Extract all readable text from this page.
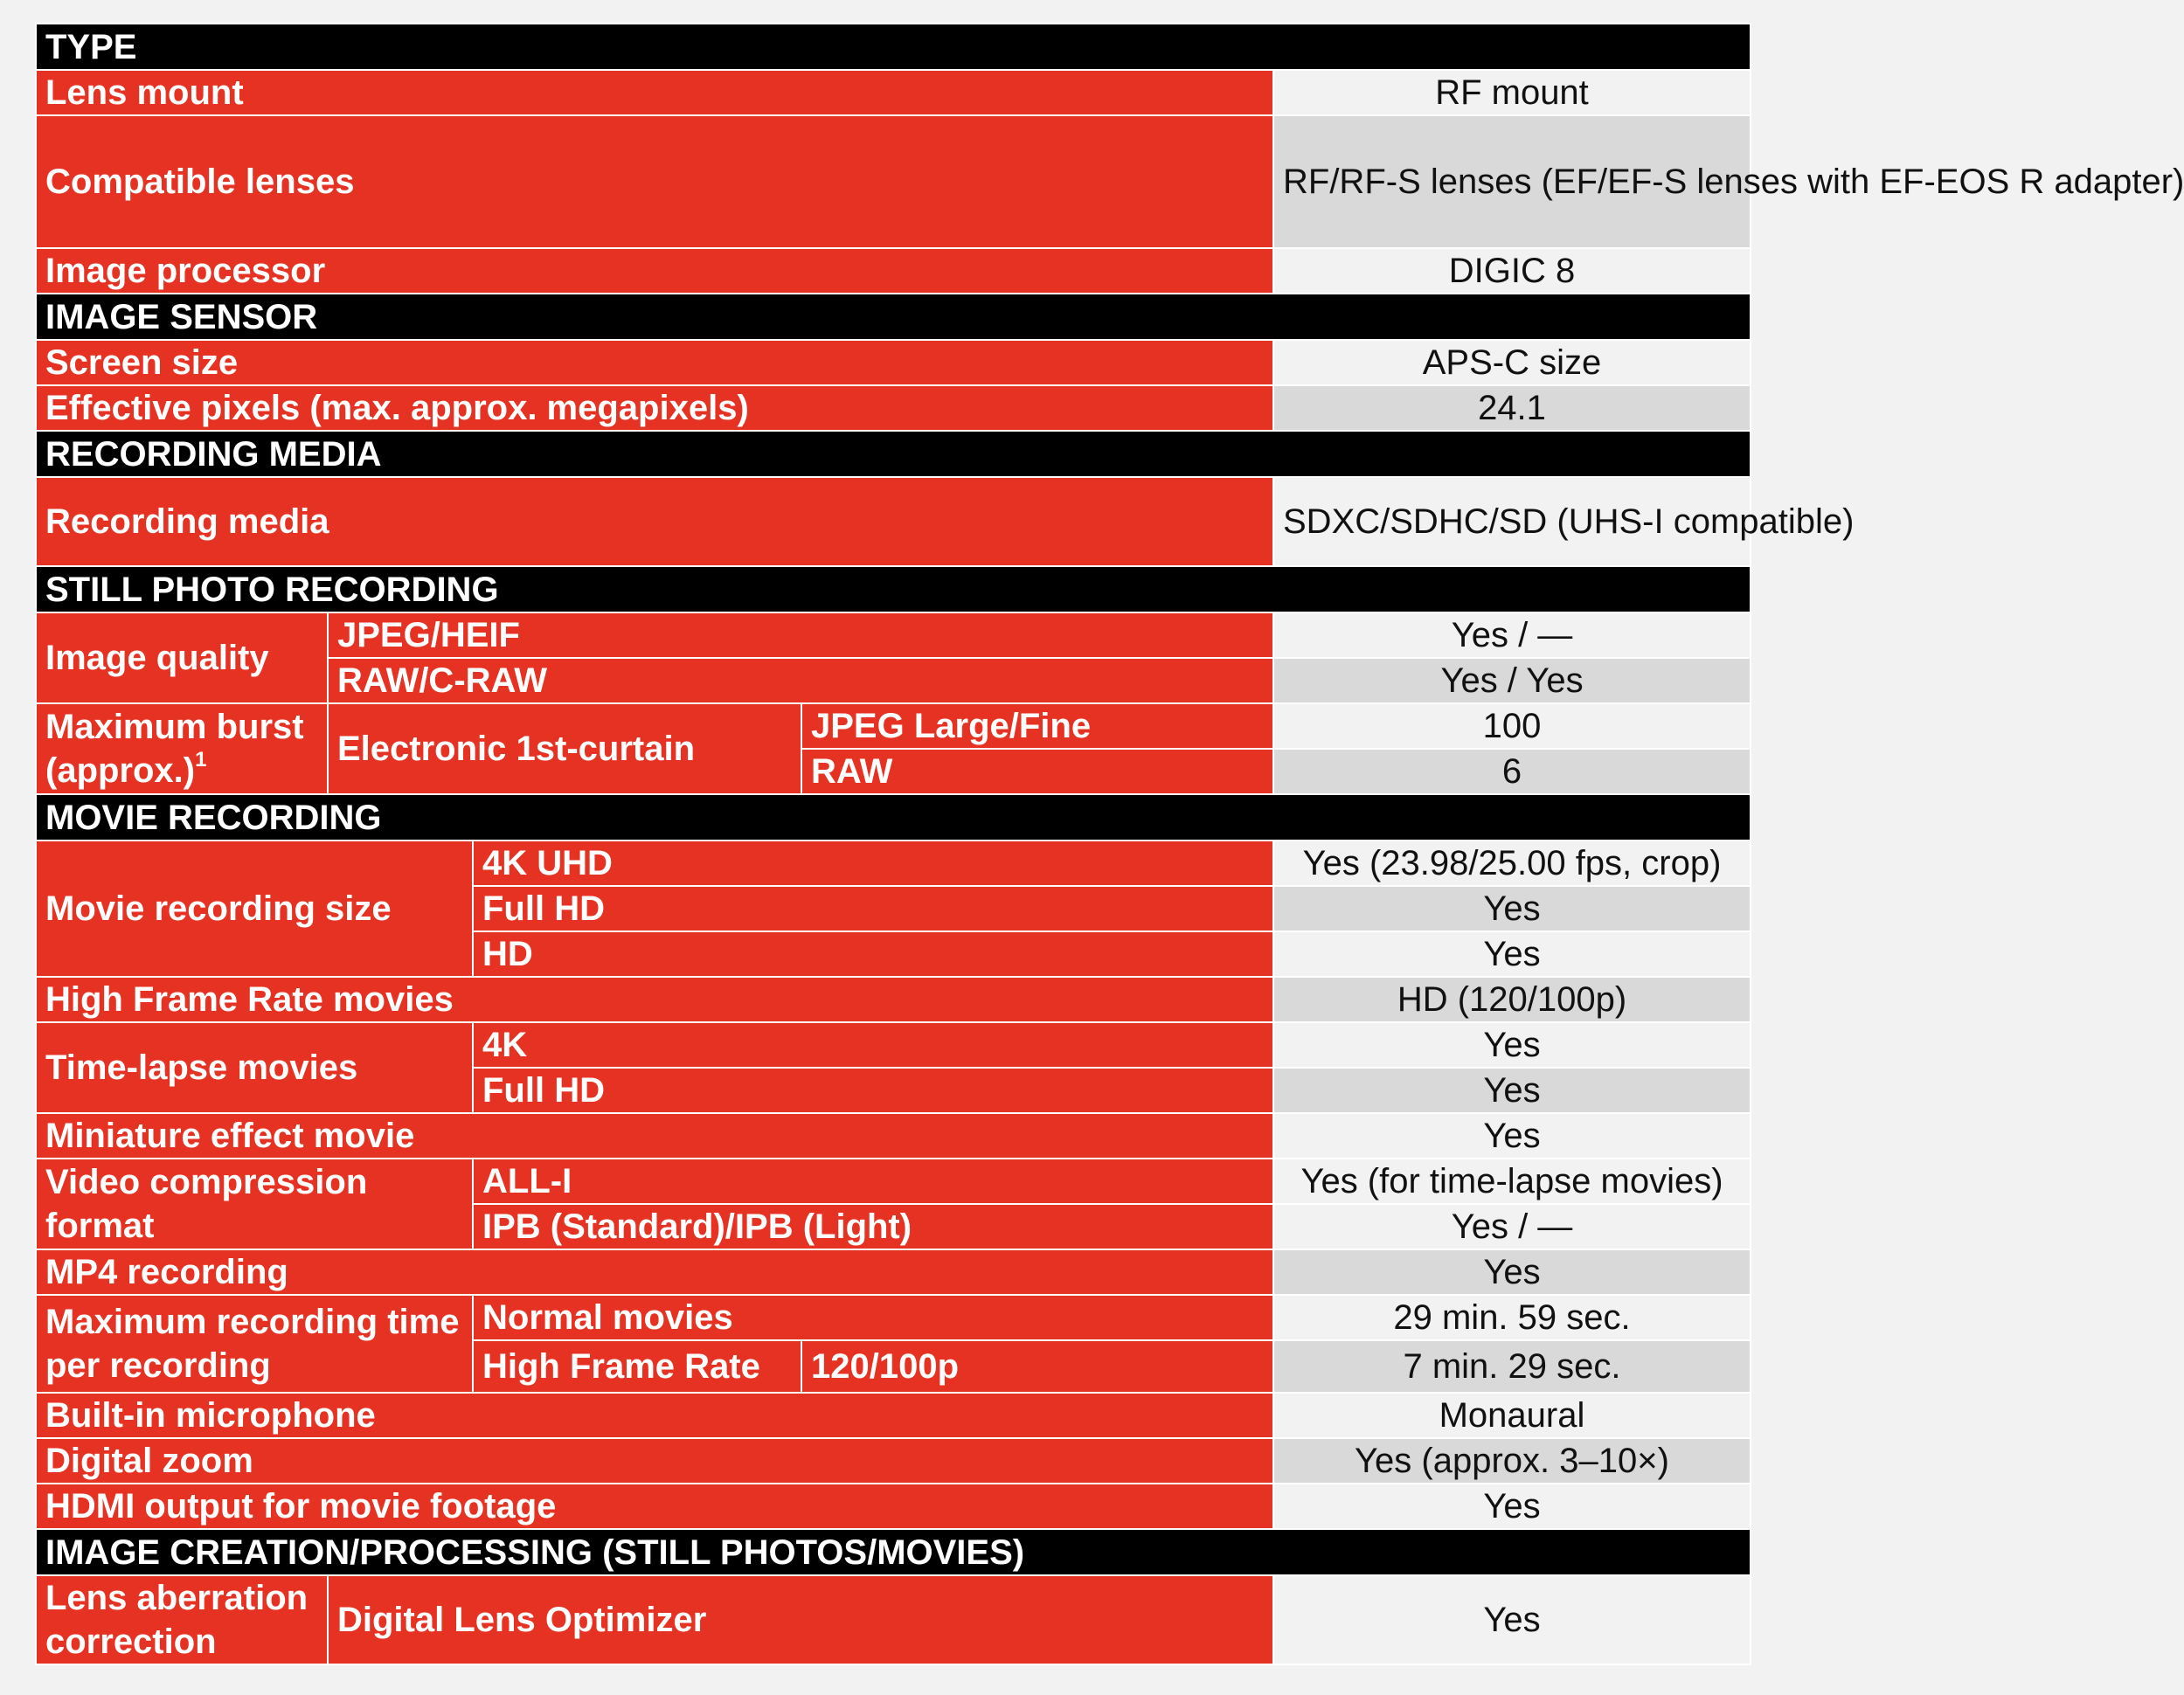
TYPE				
Lens mount				RF mount
Compatible lenses				RF/RF-S lenses (EF/EF-S lenses with EF-EOS R adapter)
Image processor				DIGIC 8
IMAGE SENSOR				
Screen size				APS-C size
Effective pixels (max. approx. megapixels)				24.1
RECORDING MEDIA				
Recording media				SDXC/SDHC/SD (UHS-I compatible)
STILL PHOTO RECORDING				
Image quality	JPEG/HEIF			Yes / —
	RAW/C-RAW			Yes / Yes
Maximum burst (approx.)$^1$	Electronic 1st-curtain		JPEG Large/Fine	100
			RAW	6
MOVIE RECORDING				
Movie recording size		4K UHD		Yes (23.98/25.00 fps, crop)
		Full HD		Yes
		HD		Yes
High Frame Rate movies				HD (120/100p)
Time-lapse movies		4K		Yes
		Full HD		Yes
Miniature effect movie				Yes
Video compression format		ALL-I		Yes (for time-lapse movies)
		IPB (Standard)/IPB (Light)		Yes / —
MP4 recording				Yes
Maximum recording time per recording		Normal movies		29 min. 59 sec.
		High Frame Rate	120/100p	7 min. 29 sec.
Built-in microphone				Monaural
Digital zoom				Yes (approx. 3–10×)
HDMI output for movie footage				Yes
IMAGE CREATION/PROCESSING (STILL PHOTOS/MOVIES)				
Lens aberration correction	Digital Lens Optimizer			Yes
